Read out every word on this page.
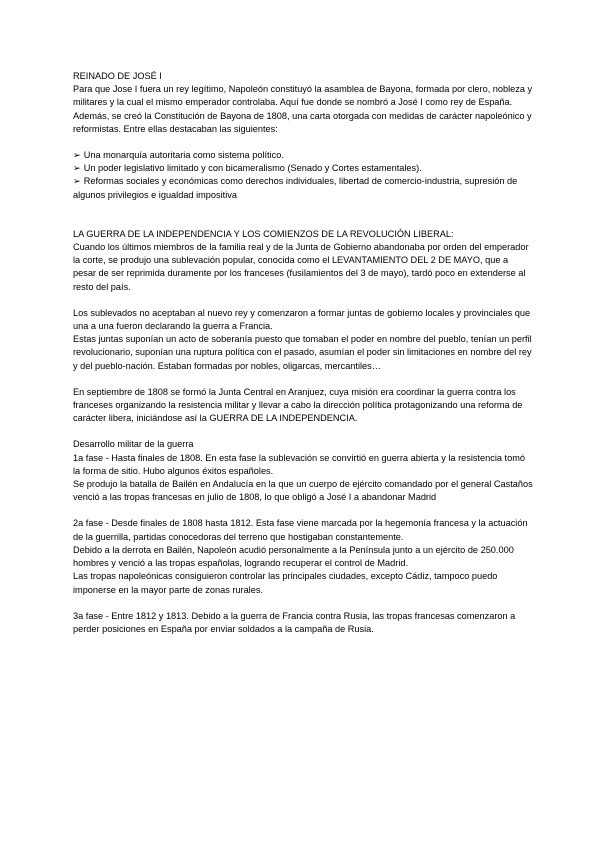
REINADO DE JOSÉ I

Para que Jose I fuera un rey legítimo, Napoleón constituyó la asamblea de Bayona, formada por clero, nobleza y militares y la cual el mismo emperador controlaba. Aquí fue donde se nombró a José I como rey de España.

Además, se creó la Constitución de Bayona de 1808, una carta otorgada con medidas de carácter napoleónico y reformistas. Entre ellas destacaban las siguientes:

➢ Una monarquía autoritaria como sistema político.

➢ Un poder legislativo limitado y con bicameralismo (Senado y Cortes estamentales).

➢ Reformas sociales y económicas como derechos individuales, libertad de comercio-industria, supresión de algunos privilegios e igualdad impositiva

LA GUERRA DE LA INDEPENDENCIA Y LOS COMIENZOS DE LA REVOLUCIÓN LIBERAL:

Cuando los últimos miembros de la familia real y de la Junta de Gobierno abandonaba por orden del emperador la corte, se produjo una sublevación popular, conocida como el LEVANTAMIENTO DEL 2 DE MAYO, que a pesar de ser reprimida duramente por los franceses (fusilamientos del 3 de mayo), tardó poco en extenderse al resto del país.

Los sublevados no aceptaban al nuevo rey y comenzaron a formar juntas de gobierno locales y provinciales que una a una fueron declarando la guerra a Francia.

Estas juntas suponían un acto de soberanía puesto que tomaban el poder en nombre del pueblo, tenían un perfil revolucionario, suponían una ruptura política con el pasado, asumían el poder sin limitaciones en nombre del rey y del pueblo-nación. Estaban formadas por nobles, oligarcas, mercantiles…

En septiembre de 1808 se formó la Junta Central en Aranjuez, cuya misión era coordinar la guerra contra los franceses organizando la resistencia militar y llevar a cabo la dirección política protagonizando una reforma de carácter libera, iniciándose así la GUERRA DE LA INDEPENDENCIA.

Desarrollo militar de la guerra

1a fase - Hasta finales de 1808. En esta fase la sublevación se convirtió en guerra abierta y la resistencia tomó la forma de sitio. Hubo algunos éxitos españoles.

Se produjo la batalla de Bailén en Andalucía en la que un cuerpo de ejército comandado por el general Castaños venció a las tropas francesas en julio de 1808, lo que obligó a José I a abandonar Madrid

2a fase - Desde finales de 1808 hasta 1812. Esta fase viene marcada por la hegemonía francesa y la actuación de la guerrilla, partidas conocedoras del terreno que hostigaban constantemente.

Debido a la derrota en Bailén, Napoleón acudió personalmente a la Península junto a un ejército de 250.000 hombres y venció a las tropas españolas, logrando recuperar el control de Madrid.

Las tropas napoleónicas consiguieron controlar las principales ciudades, excepto Cádiz, tampoco puedo imponerse en la mayor parte de zonas rurales.

3a fase - Entre 1812 y 1813. Debido a la guerra de Francia contra Rusia, las tropas francesas comenzaron a perder posiciones en España por enviar soldados a la campaña de Rusia.
